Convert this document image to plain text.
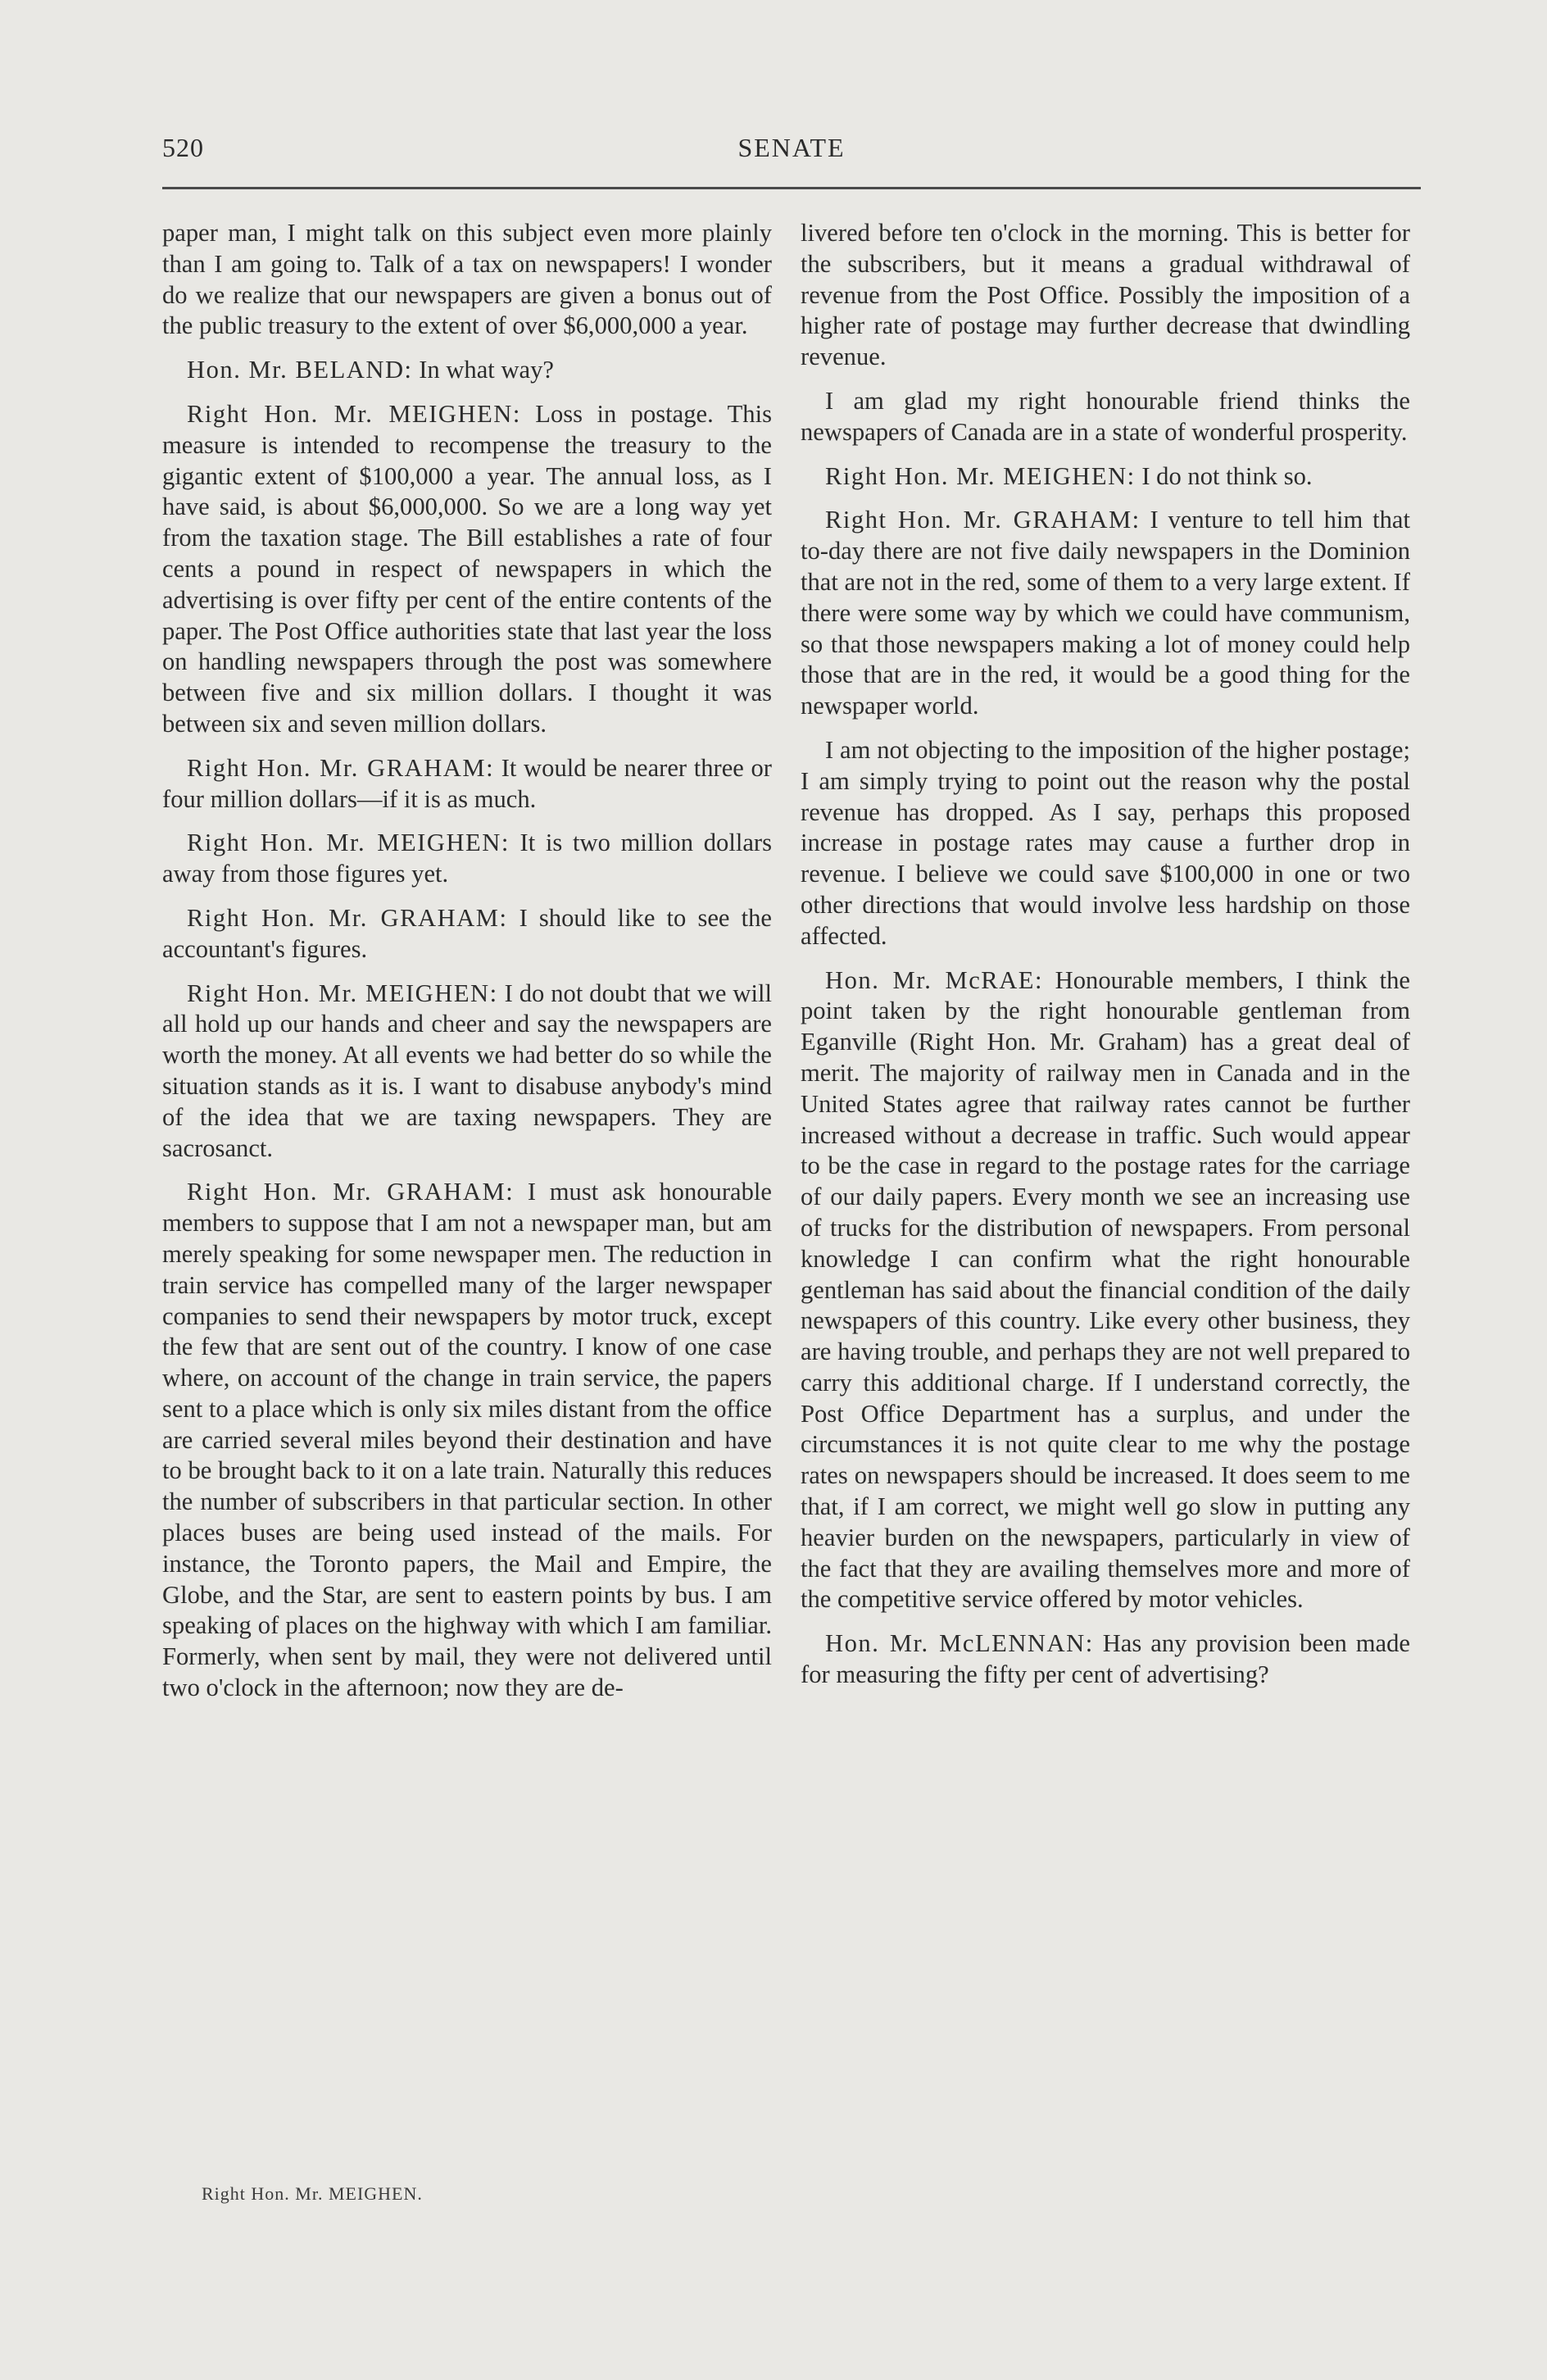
520	SENATE

paper man, I might talk on this subject even more plainly than I am going to. Talk of a tax on newspapers! I wonder do we realize that our newspapers are given a bonus out of the public treasury to the extent of over $6,000,000 a year.

Hon. Mr. BELAND: In what way?

Right Hon. Mr. MEIGHEN: Loss in postage. This measure is intended to recompense the treasury to the gigantic extent of $100,000 a year. The annual loss, as I have said, is about $6,000,000. So we are a long way yet from the taxation stage. The Bill establishes a rate of four cents a pound in respect of newspapers in which the advertising is over fifty per cent of the entire contents of the paper. The Post Office authorities state that last year the loss on handling newspapers through the post was somewhere between five and six million dollars. I thought it was between six and seven million dollars.

Right Hon. Mr. GRAHAM: It would be nearer three or four million dollars—if it is as much.

Right Hon. Mr. MEIGHEN: It is two million dollars away from those figures yet.

Right Hon. Mr. GRAHAM: I should like to see the accountant's figures.

Right Hon. Mr. MEIGHEN: I do not doubt that we will all hold up our hands and cheer and say the newspapers are worth the money. At all events we had better do so while the situation stands as it is. I want to disabuse anybody's mind of the idea that we are taxing newspapers. They are sacrosanct.

Right Hon. Mr. GRAHAM: I must ask honourable members to suppose that I am not a newspaper man, but am merely speaking for some newspaper men. The reduction in train service has compelled many of the larger newspaper companies to send their newspapers by motor truck, except the few that are sent out of the country. I know of one case where, on account of the change in train service, the papers sent to a place which is only six miles distant from the office are carried several miles beyond their destination and have to be brought back to it on a late train. Naturally this reduces the number of subscribers in that particular section. In other places buses are being used instead of the mails. For instance, the Toronto papers, the Mail and Empire, the Globe, and the Star, are sent to eastern points by bus. I am speaking of places on the highway with which I am familiar. Formerly, when sent by mail, they were not delivered until two o'clock in the afternoon; now they are de-

livered before ten o'clock in the morning. This is better for the subscribers, but it means a gradual withdrawal of revenue from the Post Office. Possibly the imposition of a higher rate of postage may further decrease that dwindling revenue.

I am glad my right honourable friend thinks the newspapers of Canada are in a state of wonderful prosperity.

Right Hon. Mr. MEIGHEN: I do not think so.

Right Hon. Mr. GRAHAM: I venture to tell him that to-day there are not five daily newspapers in the Dominion that are not in the red, some of them to a very large extent. If there were some way by which we could have communism, so that those newspapers making a lot of money could help those that are in the red, it would be a good thing for the newspaper world.

I am not objecting to the imposition of the higher postage; I am simply trying to point out the reason why the postal revenue has dropped. As I say, perhaps this proposed increase in postage rates may cause a further drop in revenue. I believe we could save $100,000 in one or two other directions that would involve less hardship on those affected.

Hon. Mr. McRAE: Honourable members, I think the point taken by the right honourable gentleman from Eganville (Right Hon. Mr. Graham) has a great deal of merit. The majority of railway men in Canada and in the United States agree that railway rates cannot be further increased without a decrease in traffic. Such would appear to be the case in regard to the postage rates for the carriage of our daily papers. Every month we see an increasing use of trucks for the distribution of newspapers. From personal knowledge I can confirm what the right honourable gentleman has said about the financial condition of the daily newspapers of this country. Like every other business, they are having trouble, and perhaps they are not well prepared to carry this additional charge. If I understand correctly, the Post Office Department has a surplus, and under the circumstances it is not quite clear to me why the postage rates on newspapers should be increased. It does seem to me that, if I am correct, we might well go slow in putting any heavier burden on the newspapers, particularly in view of the fact that they are availing themselves more and more of the competitive service offered by motor vehicles.

Hon. Mr. McLENNAN: Has any provision been made for measuring the fifty per cent of advertising?

Right Hon. Mr. MEIGHEN.
